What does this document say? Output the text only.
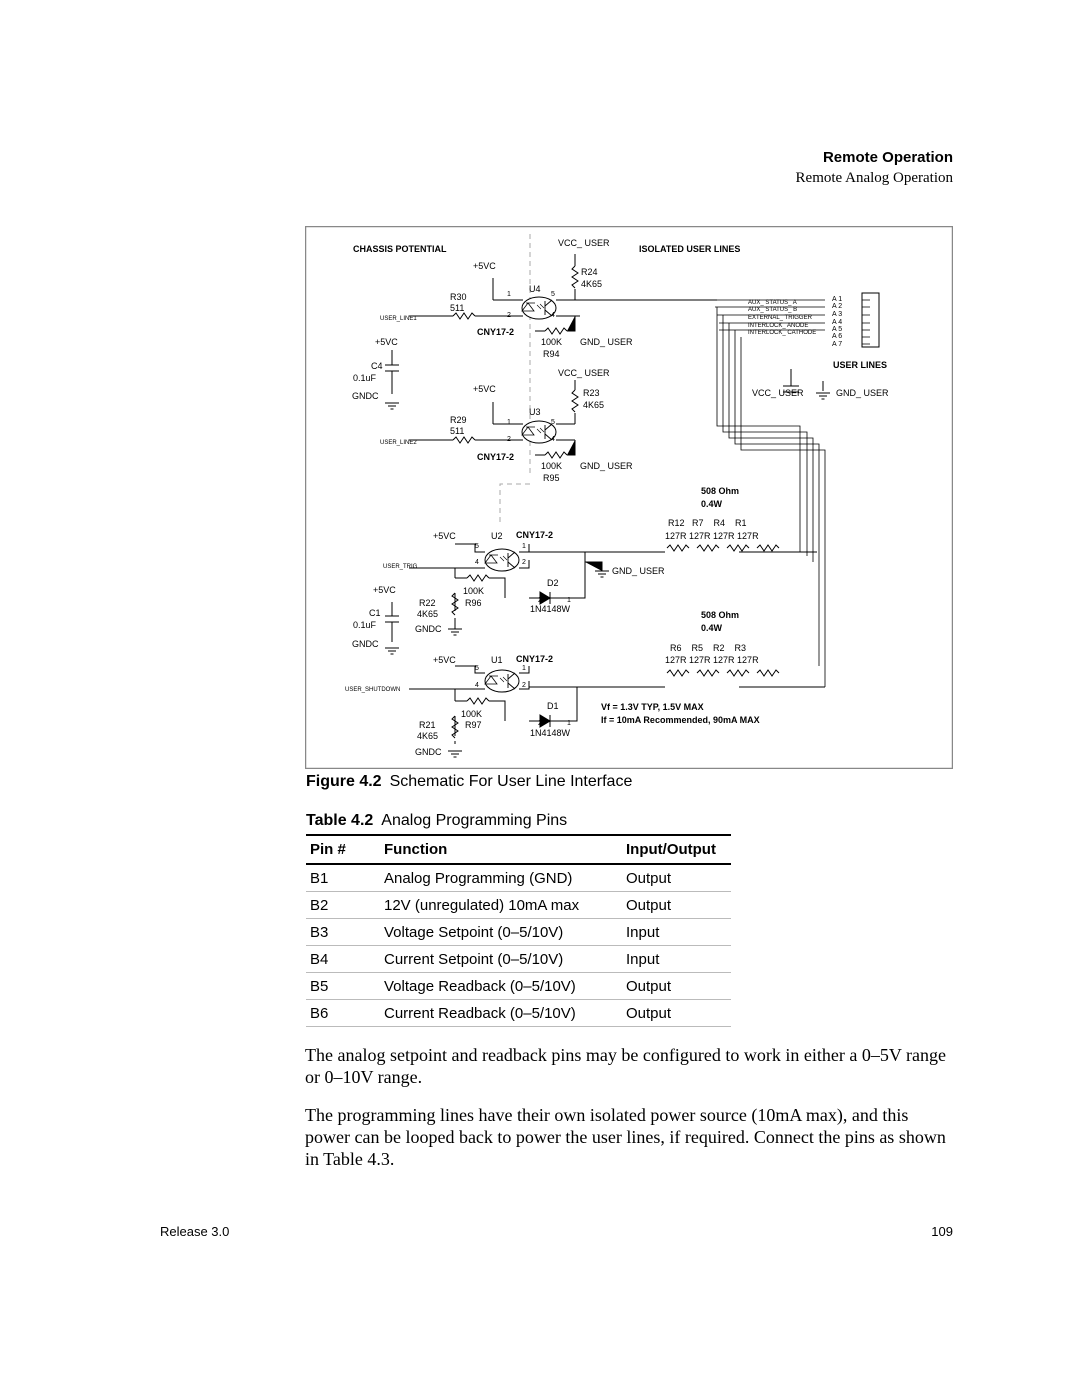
Remote Operation
Remote Analog Operation
CHASSIS POTENTIAL	ISOLATED USER LINES
VCC_ USER
+5VC
R30
511
U4
R24
4K65
USER_LINE1
CNY17-2
100K GND_ USER
R94
+5VC
C4
0.1uF
GNDC
VCC_ USER
+5VC	R23
4K65
U3
R29
511
USER_LINE2
CNY17-2
100K GND_ USER
R95
AUX_ STATUS_ A
AUX_ STATUS_ B
EXTERNAL_ TRIGGER
INTERLOCK_ ANODE
INTERLOCK_ CATHODE
A 1
A 2
A 3
A 4
A 5
A 6
A 7
USER LINES
VCC_ USER	GND_ USER
508 Ohm
0.4W
R12   R7    R4    R1
127R 127R 127R 127R
+5VC	U2 CNY17-2
USER_TRIG	GND_ USER
D2
1N4148W
+5VC	100K
R96
R22
4K65
C1
0.1uF	GNDC
GNDC
508 Ohm
0.4W
R6    R5    R2    R3
127R 127R 127R 127R
+5VC	U1 CNY17-2
USER_SHUTDOWN
D1
1N4148W
100K
R97
R21
4K65
GNDC
Vf = 1.3V TYP, 1.5V MAX
If = 10mA Recommended, 90mA MAX
1	5
2	4
1	5
2	4
5	1
4	2
5	1
4	2
2	1
2	1
Figure 4.2 Schematic For User Line Interface
Table 4.2 Analog Programming Pins
Pin #	Function	Input/Output
B1	Analog Programming (GND)	Output
B2	12V (unregulated) 10mA max	Output
B3	Voltage Setpoint (0–5/10V)	Input
B4	Current Setpoint (0–5/10V)	Input
B5	Voltage Readback (0–5/10V)	Output
B6	Current Readback (0–5/10V)	Output

The analog setpoint and readback pins may be configured to work in either a 0–5V range or 0–10V range.

The programming lines have their own isolated power source (10mA max), and this power can be looped back to power the user lines, if required. Connect the pins as shown in Table 4.3.

Release 3.0	109
